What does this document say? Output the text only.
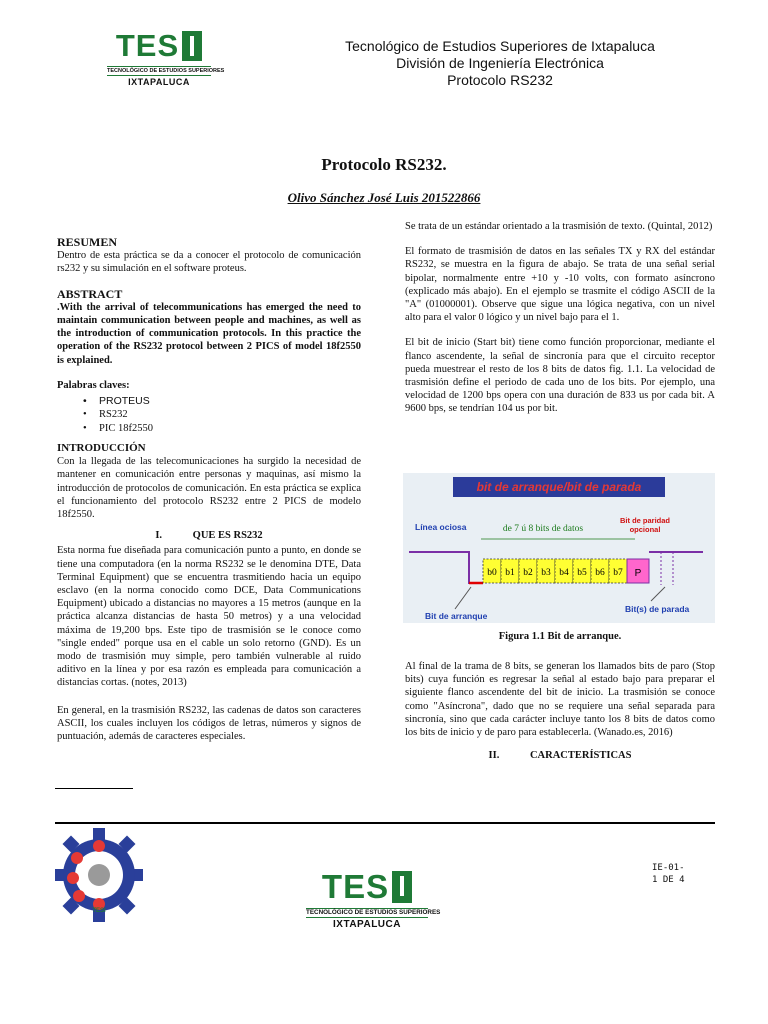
TES
TECNOLÓGICO DE ESTUDIOS SUPERIORES
IXTAPALUCA
Tecnológico de Estudios Superiores de Ixtapaluca
División de Ingeniería Electrónica
Protocolo RS232
Protocolo RS232.
Olivo Sánchez José Luis 201522866
RESUMEN

Dentro de esta práctica se da a conocer el protocolo de comunicación rs232 y su simulación en el software proteus.

ABSTRACT

.With the arrival of telecommunications has emerged the need to maintain communication between people and machines, as well as the introduction of communication protocols. In this practice the operation of the RS232 protocol between 2 PICS of model 18f2550 is explained.

Palabras claves:
• PROTEUS
• RS232
• PIC 18f2550
INTRODUCCIÓN

Con la llegada de las telecomunicaciones ha surgido la necesidad de mantener en comunicación entre personas y maquinas, así mismo la introducción de protocolos de comunicación. En esta práctica se explica el funcionamiento del protocolo RS232 entre 2 PICS de modelo 18f2550.

I.	QUE ES RS232

Esta norma fue diseñada para comunicación punto a punto, en donde se tiene una computadora (en la norma RS232 se le denomina DTE, Data Terminal Equipment) que se encuentra trasmitiendo hacia un equipo esclavo (en la norma conocido como DCE, Data Communications Equipment) ubicado a distancias no mayores a 15 metros (aunque en la práctica alcanza distancias de hasta 50 metros) y a una velocidad máxima de 19,200 bps. Este tipo de trasmisión se le conoce como "single ended" porque usa en el cable un solo retorno (GND). Es un modo de trasmisión muy simple, pero también vulnerable al ruido aditivo en la línea y por esa razón es empleada para comunicación a distancias cortas. (notes, 2013)

En general, en la trasmisión RS232, las cadenas de datos son caracteres ASCII, los cuales incluyen los códigos de letras, números y signos de puntuación, además de caracteres especiales.

Se trata de un estándar orientado a la trasmisión de texto. (Quintal, 2012)

El formato de trasmisión de datos en las señales TX y RX del estándar RS232, se muestra en la figura de abajo. Se trata de una señal serial bipolar, normalmente entre +10 y -10 volts, con formato asíncrono (explicado más abajo). En el ejemplo se trasmite el código ASCII de la "A" (01000001). Observe que sigue una lógica negativa, con un nivel alto para el valor 0 lógico y un nivel bajo para el 1.

El bit de inicio (Start bit) tiene como función proporcionar, mediante el flanco ascendente, la señal de sincronía para que el circuito receptor pueda muestrear el resto de los 8 bits de datos fig. 1.1. La velocidad de trasmisión define el periodo de cada uno de los bits. Por ejemplo, una velocidad de 1200 bps opera con una duración de 833 us por cada bit. A 9600 bps, se tendrían 104 us por bit.

bit de arranque/bit de parada
Línea ociosa	de 7 ú 8 bits de datos
Bit de paridad
opcional
b0 b1 b2 b3 b4 b5 b6 b7 P
Bit de arranque
Bit(s) de parada
Figura 1.1 Bit de arranque.

Al final de la trama de 8 bits, se generan los llamados bits de paro (Stop bits) cuya función es regresar la señal al estado bajo para preparar el siguiente flanco ascendente del bit de inicio. La trasmisión se conoce como "Asíncrona", dado que no se requiere una señal separada para sincronía, sino que cada carácter incluye tanto los 8 bits de datos como los bits de inicio y de paro para establecerla. (Wanado.es, 2016)

II.	CARACTERÍSTICAS
TESI
TES
TECNOLÓGICO DE ESTUDIOS SUPERIORES
IXTAPALUCA
IE-01-
1 DE 4
